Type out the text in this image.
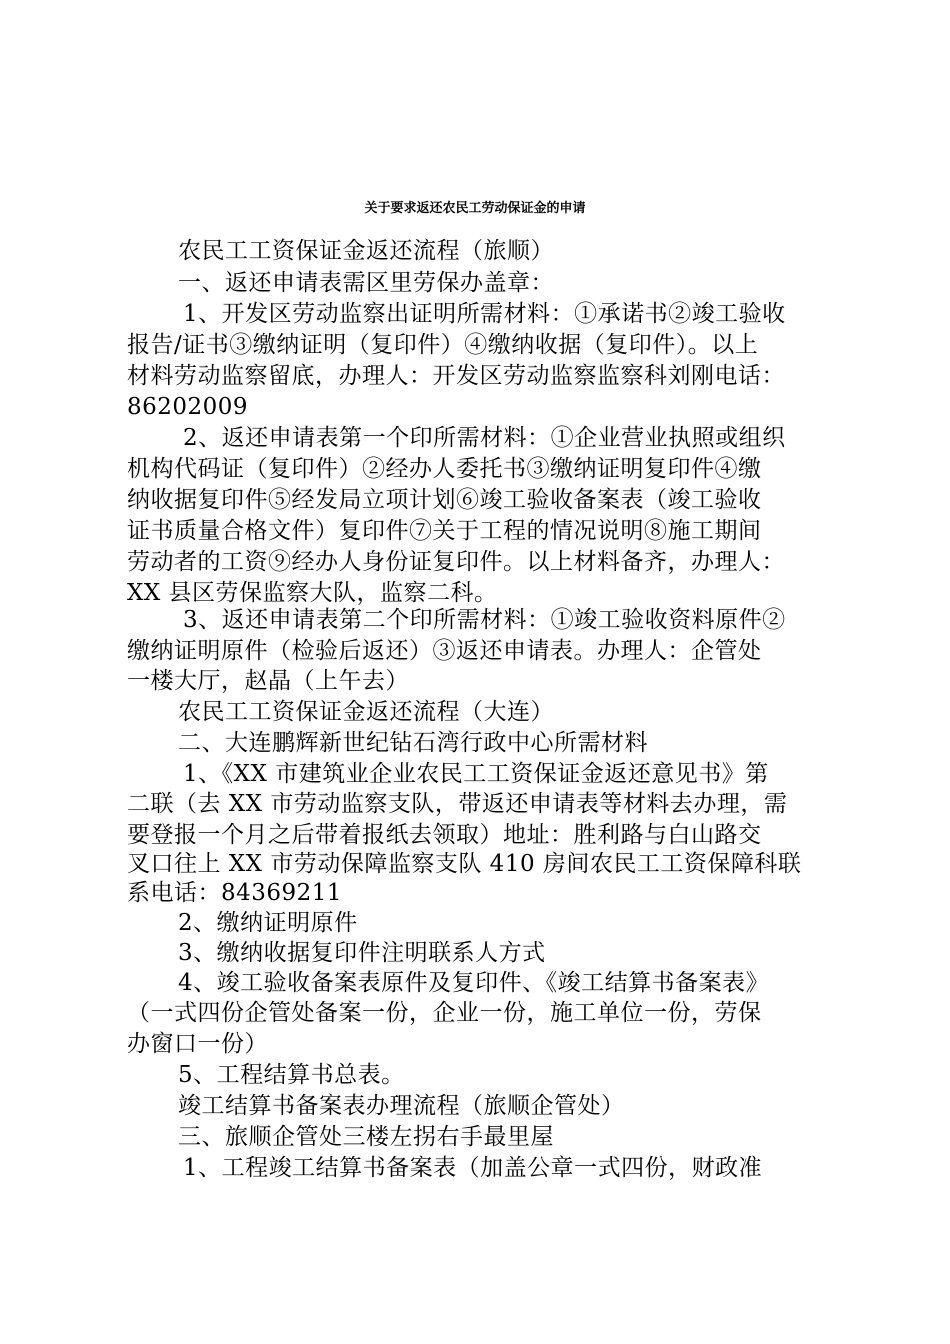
关于要求返还农民工劳动保证金的申请
农民工工资保证金返还流程（旅顺）
一、返还申请表需区里劳保办盖章：
1、开发区劳动监察出证明所需材料：①承诺书②竣工验收
报告/证书③缴纳证明（复印件）④缴纳收据（复印件）。以上
材料劳动监察留底，办理人：开发区劳动监察监察科刘刚电话：
86202009
2、返还申请表第一个印所需材料：①企业营业执照或组织
机构代码证（复印件）②经办人委托书③缴纳证明复印件④缴
纳收据复印件⑤经发局立项计划⑥竣工验收备案表（竣工验收
证书质量合格文件）复印件⑦关于工程的情况说明⑧施工期间
劳动者的工资⑨经办人身份证复印件。以上材料备齐，办理人：
XX 县区劳保监察大队，监察二科。
3、返还申请表第二个印所需材料：①竣工验收资料原件②
缴纳证明原件（检验后返还）③返还申请表。办理人：企管处
一楼大厅，赵晶（上午去）
农民工工资保证金返还流程（大连）
二、大连鹏辉新世纪钻石湾行政中心所需材料
1、《XX 市建筑业企业农民工工资保证金返还意见书》第
二联（去 XX 市劳动监察支队，带返还申请表等材料去办理，需
要登报一个月之后带着报纸去领取）地址：胜利路与白山路交
叉口往上 XX 市劳动保障监察支队 410 房间农民工工资保障科联
系电话：84369211
2、缴纳证明原件
3、缴纳收据复印件注明联系人方式
4、竣工验收备案表原件及复印件、《竣工结算书备案表》
（一式四份企管处备案一份，企业一份，施工单位一份，劳保
办窗口一份）
5、工程结算书总表。
竣工结算书备案表办理流程（旅顺企管处）
三、旅顺企管处三楼左拐右手最里屋
1、工程竣工结算书备案表（加盖公章一式四份，财政准
